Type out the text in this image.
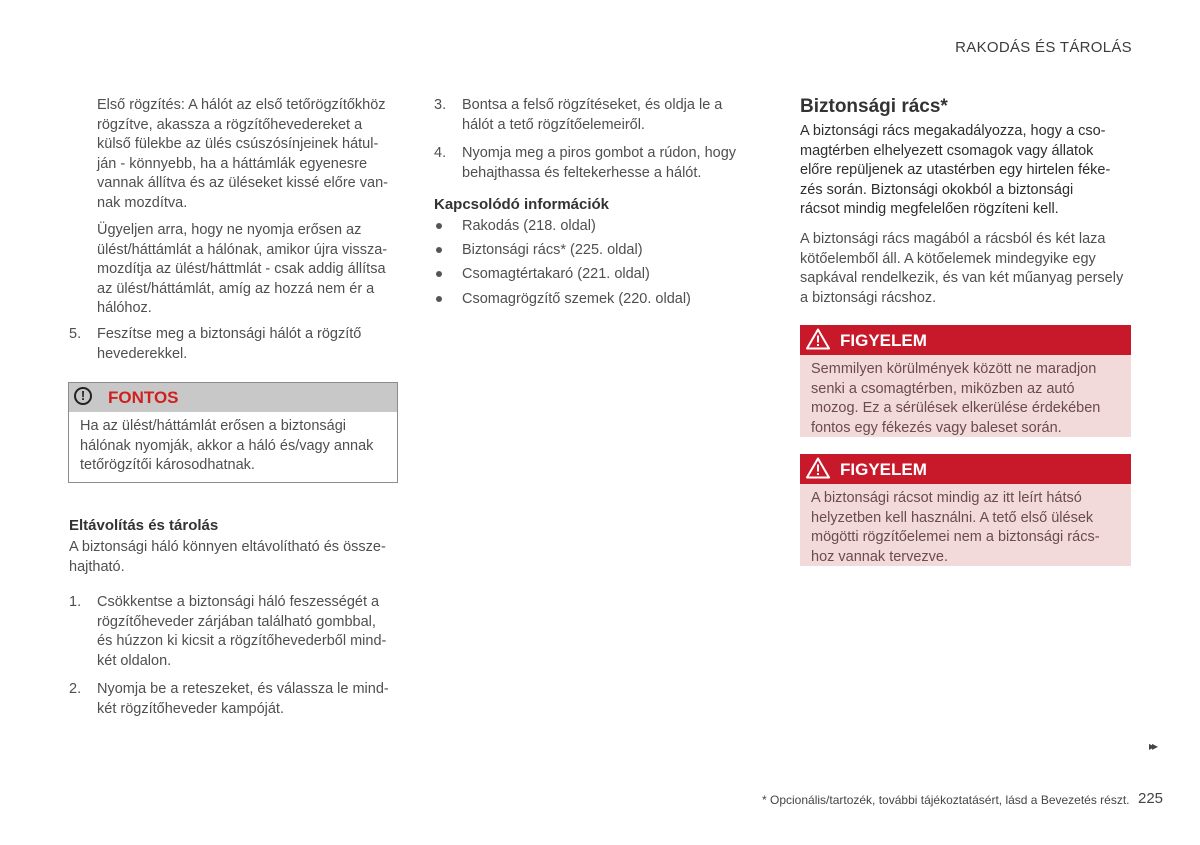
RAKODÁS ÉS TÁROLÁS
Első rögzítés: A hálót az első tetőrögzítőkhöz
rögzítve, akassza a rögzítőhevedereket a
külső fülekbe az ülés csúszósínjeinek hátul-
ján - könnyebb, ha a háttámlák egyenesre
vannak állítva és az üléseket kissé előre van-
nak mozdítva.
Ügyeljen arra, hogy ne nyomja erősen az
ülést/háttámlát a hálónak, amikor újra vissza-
mozdítja az ülést/háttmlát - csak addig állítsa
az ülést/háttámlát, amíg az hozzá nem ér a
hálóhoz.
5. Feszítse meg a biztonsági hálót a rögzítő
hevederekkel.
!	FONTOS
Ha az ülést/háttámlát erősen a biztonsági
hálónak nyomják, akkor a háló és/vagy annak
tetőrögzítői károsodhatnak.
Eltávolítás és tárolás
A biztonsági háló könnyen eltávolítható és össze-
hajtható.
1. Csökkentse a biztonsági háló feszességét a
rögzítőheveder zárjában található gombbal,
és húzzon ki kicsit a rögzítőhevederből mind-
két oldalon.
2. Nyomja be a reteszeket, és válassza le mind-
két rögzítőheveder kampóját.
3. Bontsa a felső rögzítéseket, és oldja le a
hálót a tető rögzítőelemeiről.
4. Nyomja meg a piros gombot a rúdon, hogy
behajthassa és feltekerhesse a hálót.
Kapcsolódó információk
Rakodás (218. oldal)
Biztonsági rács* (225. oldal)
Csomagtértakaró (221. oldal)
Csomagrögzítő szemek (220. oldal)
Biztonsági rács*
A biztonsági rács megakadályozza, hogy a cso-
magtérben elhelyezett csomagok vagy állatok
előre repüljenek az utastérben egy hirtelen féke-
zés során. Biztonsági okokból a biztonsági
rácsot mindig megfelelően rögzíteni kell.
A biztonsági rács magából a rácsból és két laza
kötőelemből áll. A kötőelemek mindegyike egy
sapkával rendelkezik, és van két műanyag persely
a biztonsági rácshoz.
FIGYELEM
Semmilyen körülmények között ne maradjon
senki a csomagtérben, miközben az autó
mozog. Ez a sérülések elkerülése érdekében
fontos egy fékezés vagy baleset során.
FIGYELEM
A biztonsági rácsot mindig az itt leírt hátsó
helyzetben kell használni. A tető első ülések
mögötti rögzítőelemei nem a biztonsági rács-
hoz vannak tervezve.
▸▸
* Opcionális/tartozék, további tájékoztatásért, lásd a Bevezetés részt. 225
